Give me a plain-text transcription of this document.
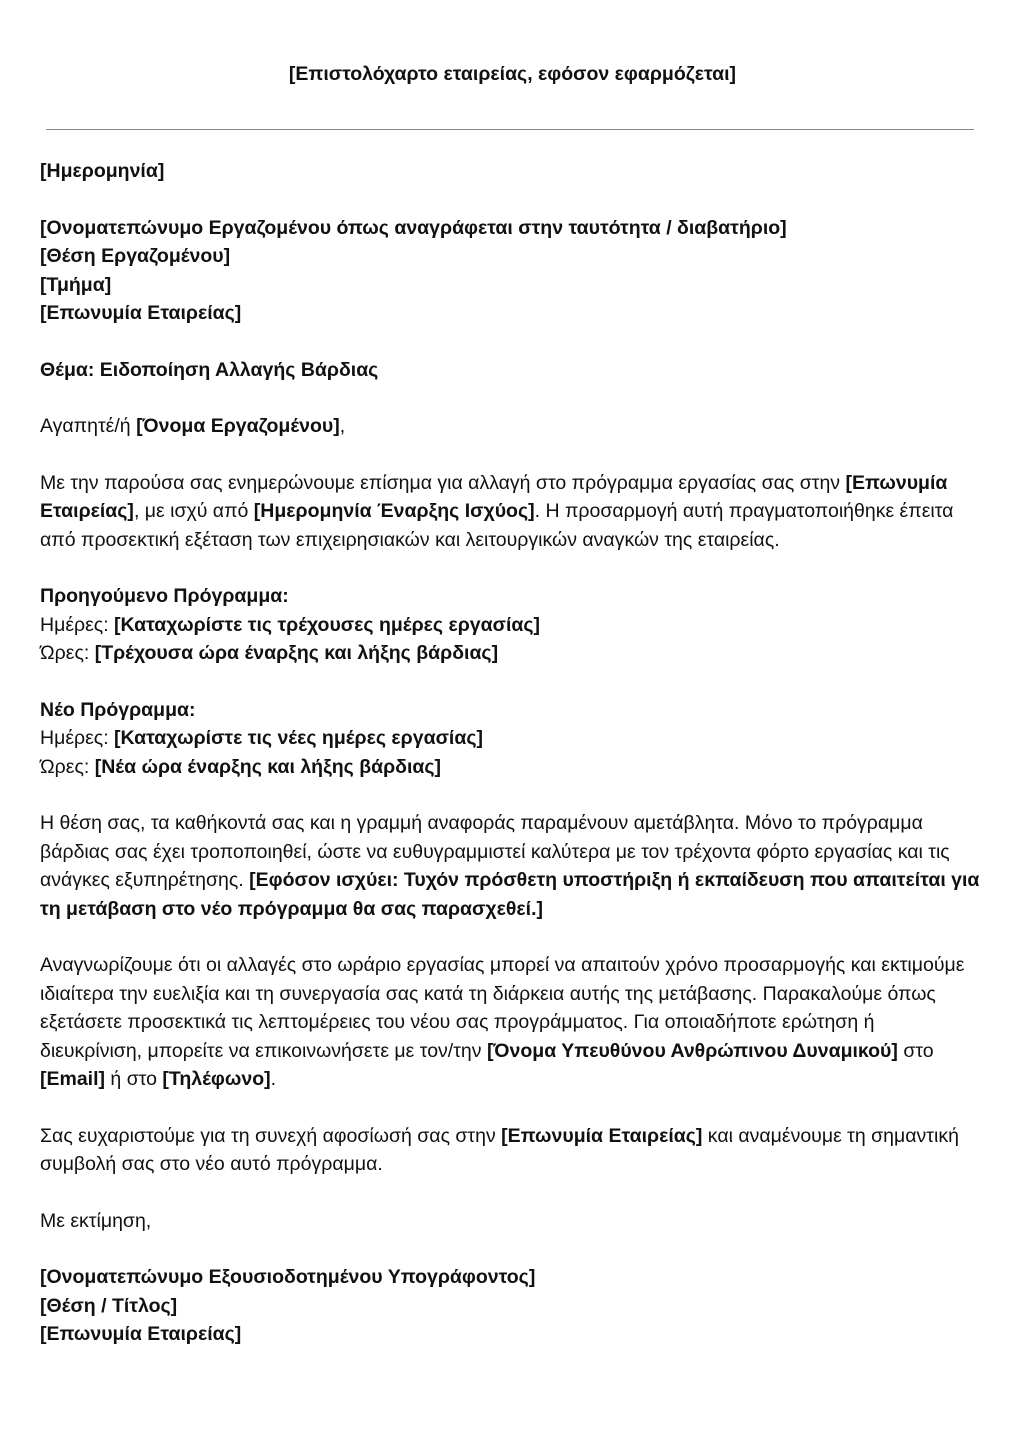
[Επιστολόχαρτο εταιρείας, εφόσον εφαρμόζεται]

[Ημερομηνία]

[Ονοματεπώνυμο Εργαζομένου όπως αναγράφεται στην ταυτότητα / διαβατήριο]
[Θέση Εργαζομένου]
[Τμήμα]
[Επωνυμία Εταιρείας]

Θέμα: Ειδοποίηση Αλλαγής Βάρδιας

Αγαπητέ/ή [Όνομα Εργαζομένου],

Με την παρούσα σας ενημερώνουμε επίσημα για αλλαγή στο πρόγραμμα εργασίας σας στην [Επωνυμία Εταιρείας], με ισχύ από [Ημερομηνία Έναρξης Ισχύος]. Η προσαρμογή αυτή πραγματοποιήθηκε έπειτα από προσεκτική εξέταση των επιχειρησιακών και λειτουργικών αναγκών της εταιρείας.

Προηγούμενο Πρόγραμμα:
Ημέρες: [Καταχωρίστε τις τρέχουσες ημέρες εργασίας]
Ώρες: [Τρέχουσα ώρα έναρξης και λήξης βάρδιας]

Νέο Πρόγραμμα:
Ημέρες: [Καταχωρίστε τις νέες ημέρες εργασίας]
Ώρες: [Νέα ώρα έναρξης και λήξης βάρδιας]

Η θέση σας, τα καθήκοντά σας και η γραμμή αναφοράς παραμένουν αμετάβλητα. Μόνο το πρόγραμμα βάρδιας σας έχει τροποποιηθεί, ώστε να ευθυγραμμιστεί καλύτερα με τον τρέχοντα φόρτο εργασίας και τις ανάγκες εξυπηρέτησης. [Εφόσον ισχύει: Τυχόν πρόσθετη υποστήριξη ή εκπαίδευση που απαιτείται για τη μετάβαση στο νέο πρόγραμμα θα σας παρασχεθεί.]

Αναγνωρίζουμε ότι οι αλλαγές στο ωράριο εργασίας μπορεί να απαιτούν χρόνο προσαρμογής και εκτιμούμε ιδιαίτερα την ευελιξία και τη συνεργασία σας κατά τη διάρκεια αυτής της μετάβασης. Παρακαλούμε όπως εξετάσετε προσεκτικά τις λεπτομέρειες του νέου σας προγράμματος. Για οποιαδήποτε ερώτηση ή διευκρίνιση, μπορείτε να επικοινωνήσετε με τον/την [Όνομα Υπευθύνου Ανθρώπινου Δυναμικού] στο [Email] ή στο [Τηλέφωνο].

Σας ευχαριστούμε για τη συνεχή αφοσίωσή σας στην [Επωνυμία Εταιρείας] και αναμένουμε τη σημαντική συμβολή σας στο νέο αυτό πρόγραμμα.

Με εκτίμηση,

[Ονοματεπώνυμο Εξουσιοδοτημένου Υπογράφοντος]
[Θέση / Τίτλος]
[Επωνυμία Εταιρείας]
